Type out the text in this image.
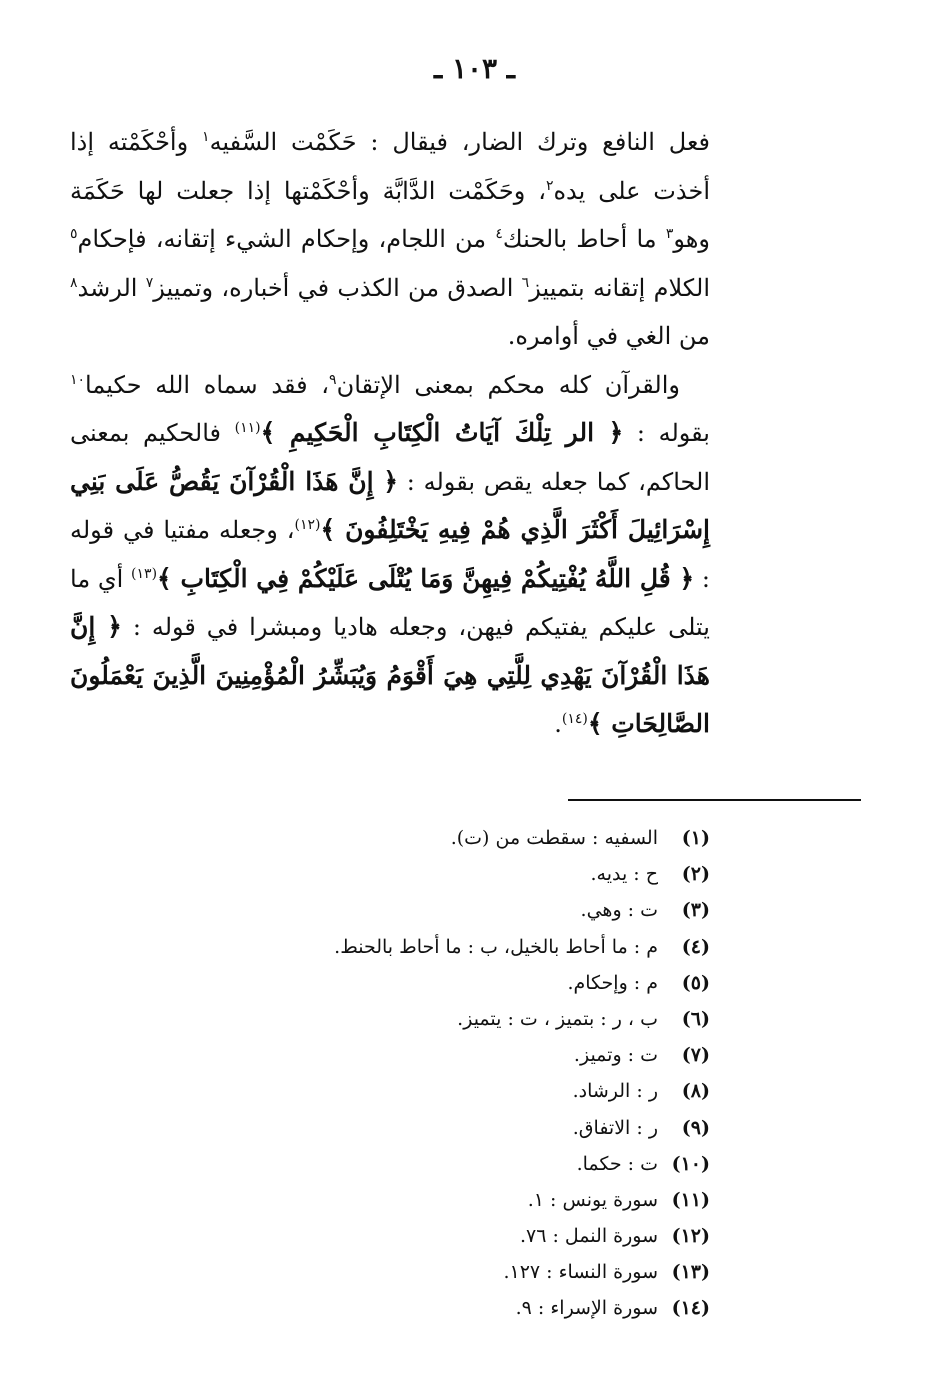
ـ ١٠٣ ـ

فعل النافع وترك الضار، فيقال : حَكَمْت السَّفيه$^١$ وأحْكَمْته إذا أخذت على يده$^٢$، وحَكَمْت الدَّابَّة وأحْكَمْتها إذا جعلت لها حَكَمَة وهو$^٣$ ما أحاط بالحنك$^٤$ من اللجام، وإحكام الشيء إتقانه، فإحكام$^٥$ الكلام إتقانه بتمييز$^٦$ الصدق من الكذب في أخباره، وتمييز$^٧$ الرشد$^٨$ من الغي في أوامره.

والقرآن كله محكم بمعنى الإتقان$^٩$، فقد سماه الله حكيما$^{١٠}$ بقوله : ﴿ الر تِلْكَ آيَاتُ الْكِتَابِ الْحَكِيمِ ﴾$^{(١١)}$ فالحكيم بمعنى الحاكم، كما جعله يقص بقوله : ﴿ إِنَّ هَذَا الْقُرْآنَ يَقُصُّ عَلَى بَنِي إِسْرَائِيلَ أَكْثَرَ الَّذِي هُمْ فِيهِ يَخْتَلِفُونَ ﴾$^{(١٢)}$، وجعله مفتيا في قوله : ﴿ قُلِ اللَّهُ يُفْتِيكُمْ فِيهِنَّ وَمَا يُتْلَى عَلَيْكُمْ فِي الْكِتَابِ ﴾$^{(١٣)}$ أي ما يتلى عليكم يفتيكم فيهن، وجعله هاديا ومبشرا في قوله : ﴿ إِنَّ هَذَا الْقُرْآنَ يَهْدِي لِلَّتِي هِيَ أَقْوَمُ وَيُبَشِّرُ الْمُؤْمِنِينَ الَّذِينَ يَعْمَلُونَ الصَّالِحَاتِ ﴾$^{(١٤)}$.

(١)السفيه : سقطت من (ت).
(٢)ح : يديه.
(٣)ت : وهي.
(٤)م : ما أحاط بالخيل، ب : ما أحاط بالحنط.
(٥)م : وإحكام.
(٦)ب ، ر : بتميز ، ت : يتميز.
(٧)ت : وتميز.
(٨)ر : الرشاد.
(٩)ر : الاتفاق.
(١٠)ت : حكما.
(١١)سورة يونس : ١.
(١٢)سورة النمل : ٧٦.
(١٣)سورة النساء : ١٢٧.
(١٤)سورة الإسراء : ٩.
